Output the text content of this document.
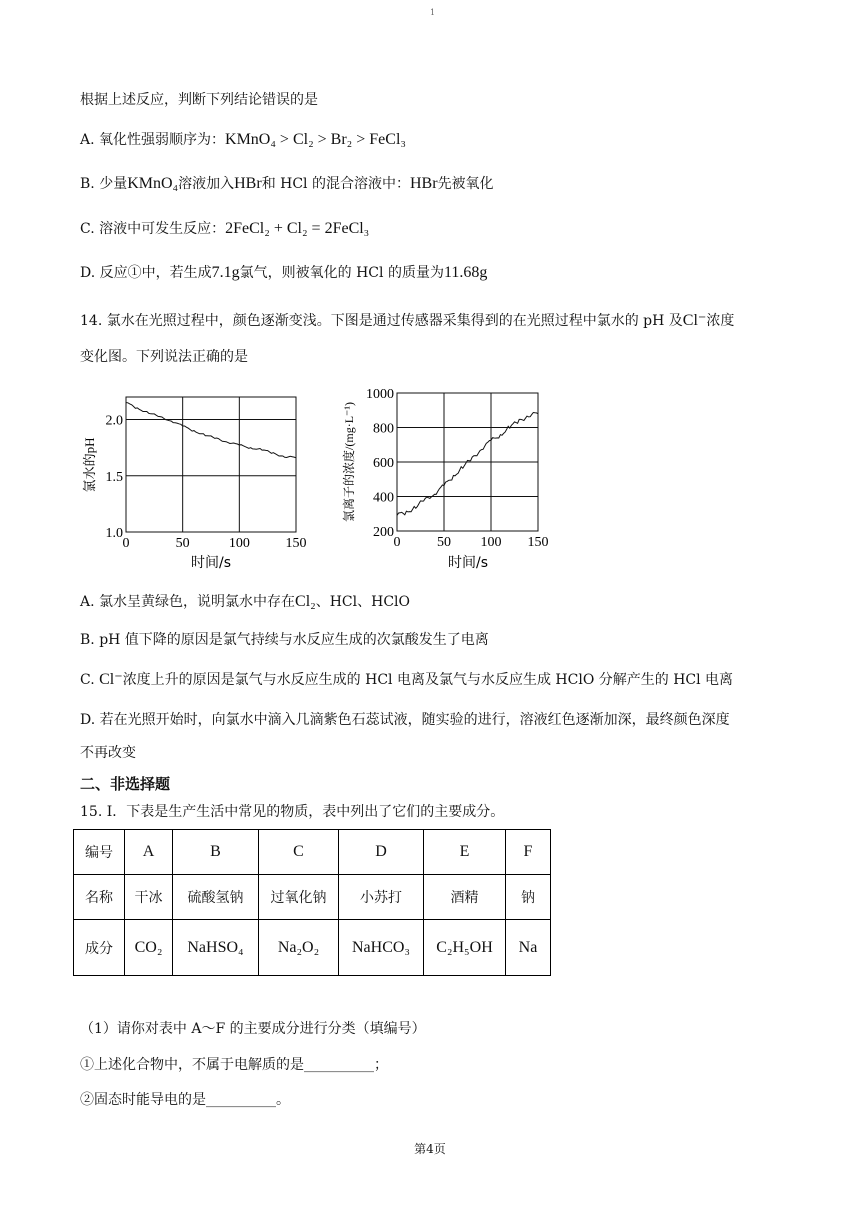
1
根据上述反应，判断下列结论错误的是
A. 氧化性强弱顺序为：KMnO₄ > Cl₂ > Br₂ > FeCl₃
B. 少量KMnO₄溶液加入HBr和 HCl 的混合溶液中：HBr先被氧化
C. 溶液中可发生反应：2FeCl₂ + Cl₂ = 2FeCl₃
D. 反应①中，若生成7.1g氯气，则被氧化的 HCl 的质量为11.68g
14. 氯水在光照过程中，颜色逐渐变浅。下图是通过传感器采集得到的在光照过程中氯水的 pH 及Cl⁻浓度
变化图。下列说法正确的是
0	50	100	150
1.0
1.5
2.0
氯水的pH
时间/s
0	50 100 150
200
400
600
800
1000
氯离子的浓度/(mg·L⁻¹)
时间/s
A. 氯水呈黄绿色，说明氯水中存在Cl₂、HCl、HClO
B. pH 值下降的原因是氯气持续与水反应生成的次氯酸发生了电离
C. Cl⁻浓度上升的原因是氯气与水反应生成的 HCl 电离及氯气与水反应生成 HClO 分解产生的 HCl 电离
D. 若在光照开始时，向氯水中滴入几滴紫色石蕊试液，随实验的进行，溶液红色逐渐加深，最终颜色深度
不再改变
二、非选择题
15. Ⅰ．下表是生产生活中常见的物质，表中列出了它们的主要成分。
编号	A	B	C	D	E	F
名称	干冰	硫酸氢钠	过氧化钠	小苏打	酒精	钠
成分	CO₂	NaHSO₄	Na₂O₂	NaHCO₃	C₂H₅OH	Na
（1）请你对表中 A～F 的主要成分进行分类（填编号）
①上述化合物中，不属于电解质的是__________；
②固态时能导电的是__________。
第4页
